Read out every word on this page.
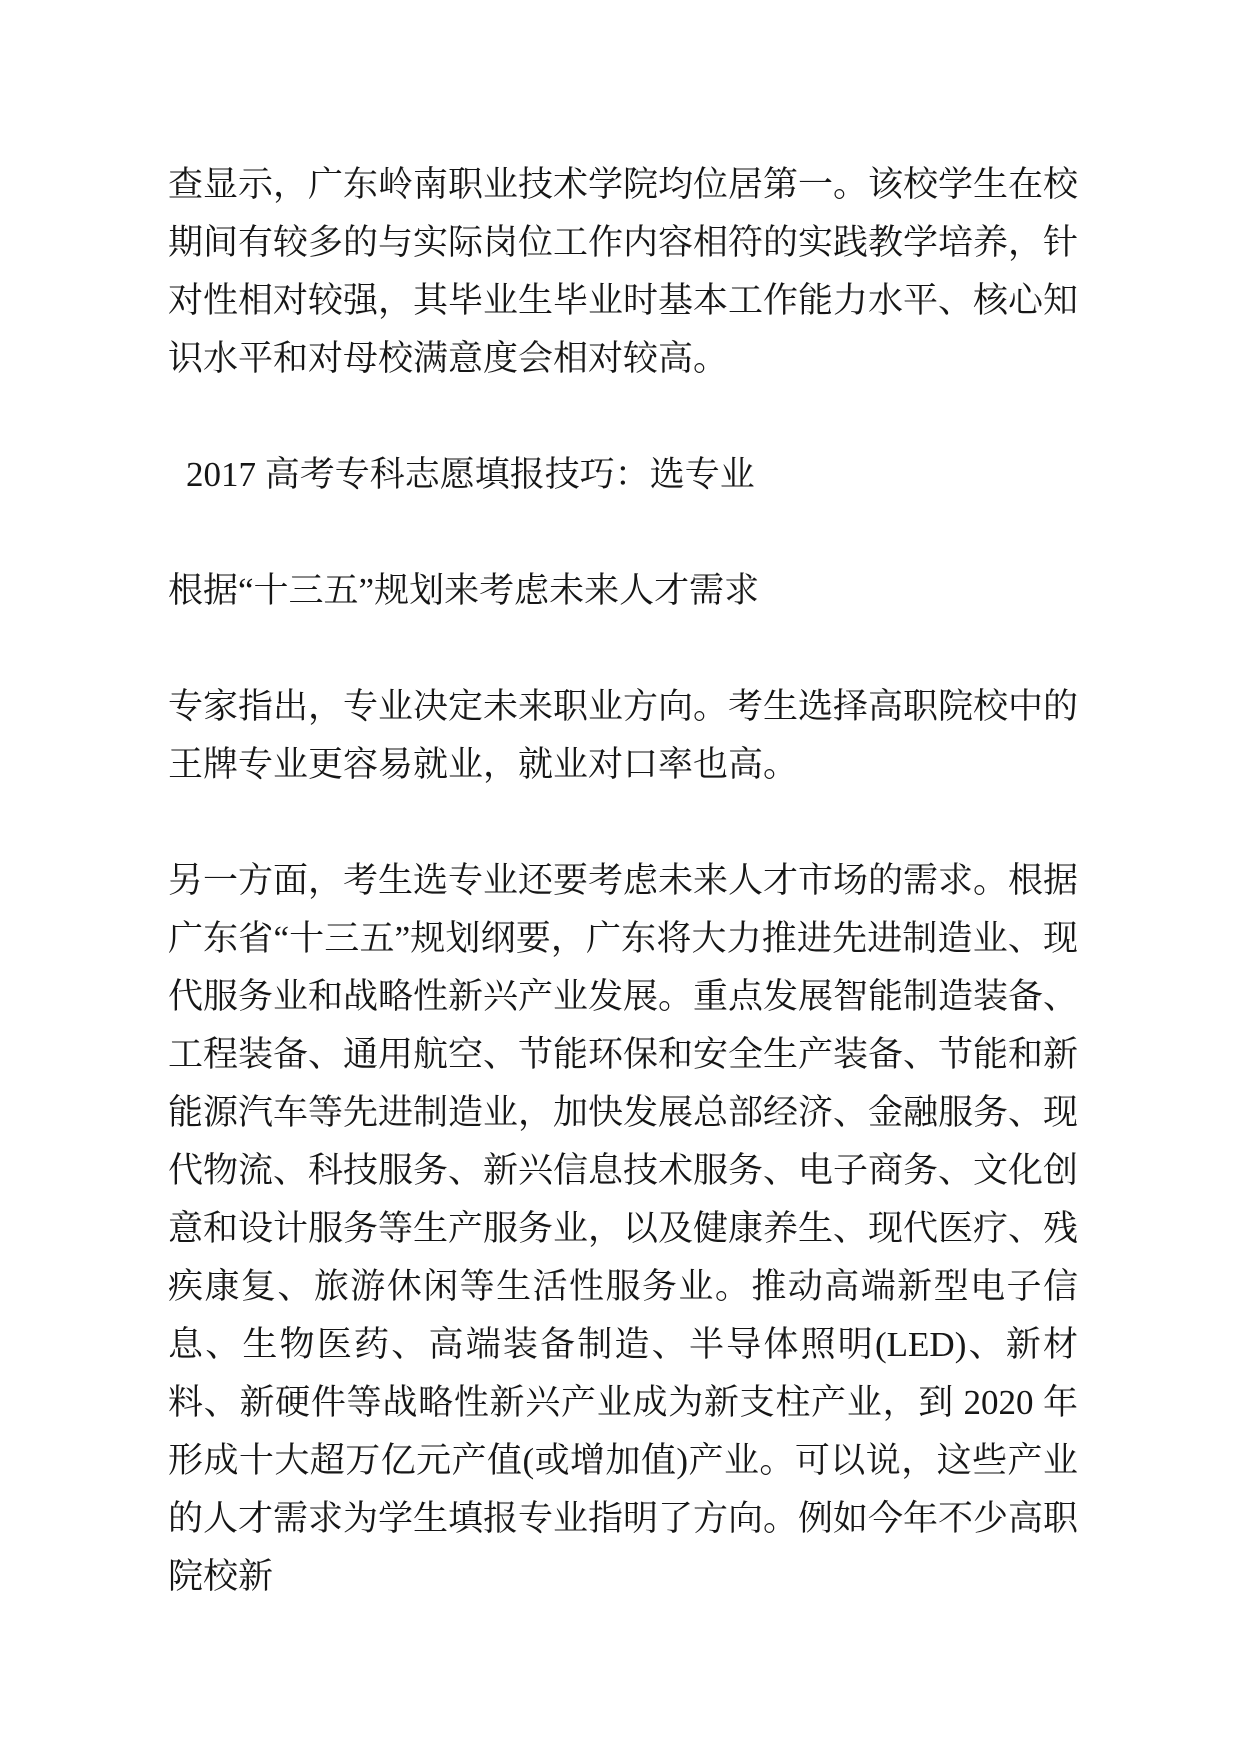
查显示，广东岭南职业技术学院均位居第一。该校学生在校期间有较多的与实际岗位工作内容相符的实践教学培养，针对性相对较强，其毕业生毕业时基本工作能力水平、核心知识水平和对母校满意度会相对较高。

2017 高考专科志愿填报技巧：选专业

根据“十三五”规划来考虑未来人才需求

专家指出，专业决定未来职业方向。考生选择高职院校中的王牌专业更容易就业，就业对口率也高。

另一方面，考生选专业还要考虑未来人才市场的需求。根据广东省“十三五”规划纲要，广东将大力推进先进制造业、现代服务业和战略性新兴产业发展。重点发展智能制造装备、工程装备、通用航空、节能环保和安全生产装备、节能和新能源汽车等先进制造业，加快发展总部经济、金融服务、现代物流、科技服务、新兴信息技术服务、电子商务、文化创意和设计服务等生产服务业，以及健康养生、现代医疗、残疾康复、旅游休闲等生活性服务业。推动高端新型电子信息、生物医药、高端装备制造、半导体照明(LED)、新材料、新硬件等战略性新兴产业成为新支柱产业，到 2020 年形成十大超万亿元产值(或增加值)产业。可以说，这些产业的人才需求为学生填报专业指明了方向。例如今年不少高职院校新
